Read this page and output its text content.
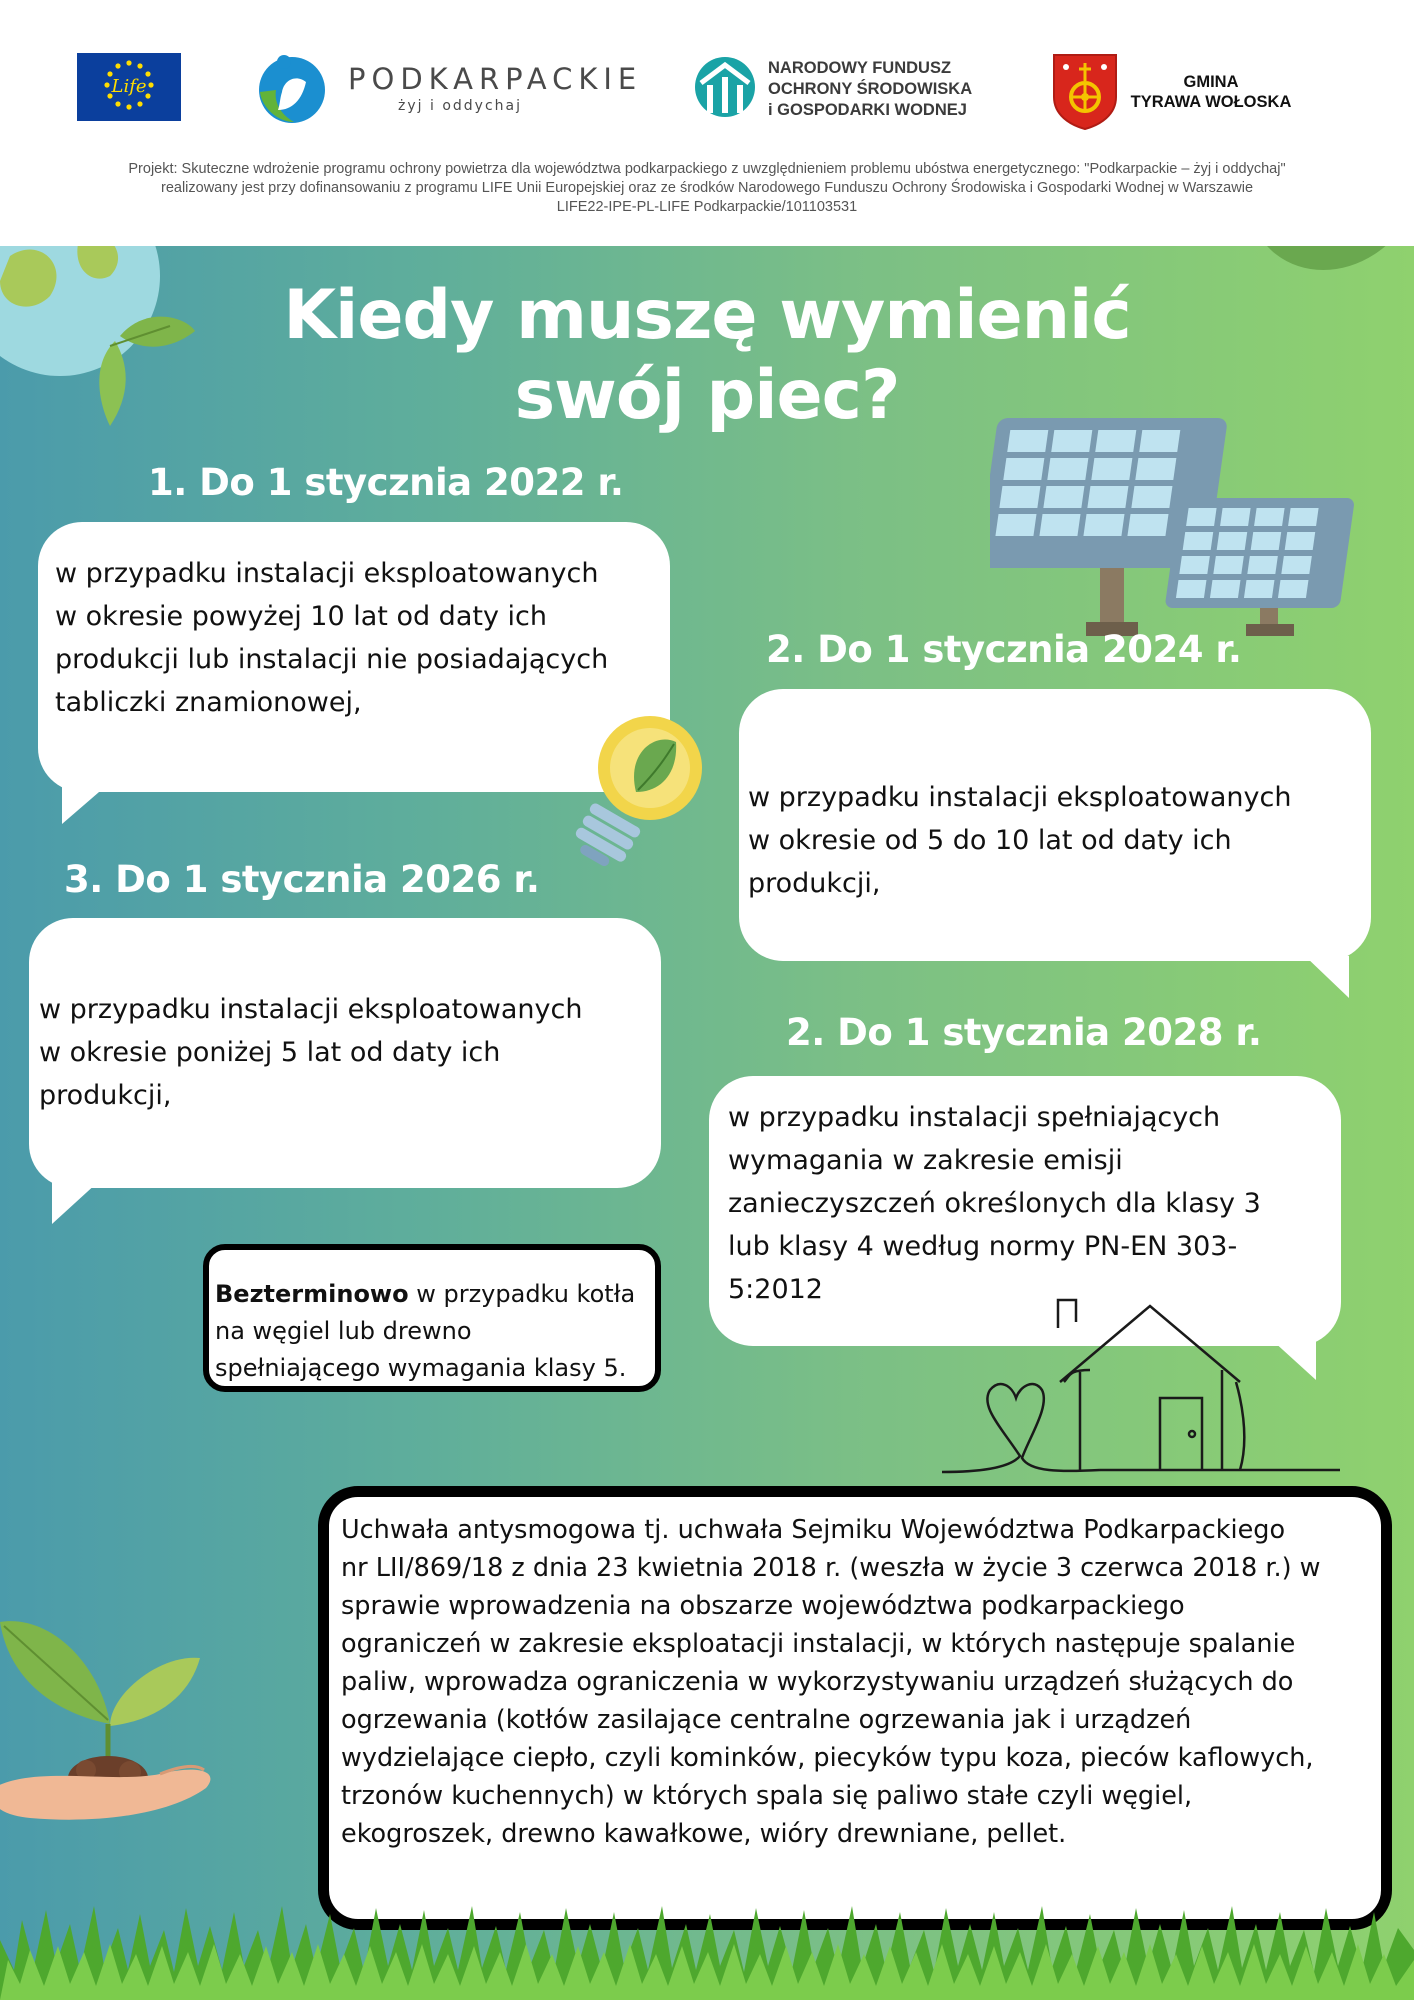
Life	PODKARPACKIE
żyj i oddychaj
NARODOWY FUNDUSZ
OCHRONY ŚRODOWISKA
i GOSPODARKI WODNEJ
GMINA
TYRAWA WOŁOSKA
Projekt: Skuteczne wdrożenie programu ochrony powietrza dla województwa podkarpackiego z uwzględnieniem problemu ubóstwa energetycznego: "Podkarpackie – żyj i oddychaj"
realizowany jest przy dofinansowaniu z programu LIFE Unii Europejskiej oraz ze środków Narodowego Funduszu Ochrony Środowiska i Gospodarki Wodnej w Warszawie
LIFE22-IPE-PL-LIFE Podkarpackie/101103531
Kiedy muszę wymienić
swój piec?
1. Do 1 stycznia 2022 r.
w przypadku instalacji eksploatowanych
w okresie powyżej 10 lat od daty ich
produkcji lub instalacji nie posiadających
tabliczki znamionowej,
2. Do 1 stycznia 2024 r.
w przypadku instalacji eksploatowanych
w okresie od 5 do 10 lat od daty ich
produkcji,
3. Do 1 stycznia 2026 r.
w przypadku instalacji eksploatowanych
w okresie poniżej 5 lat od daty ich
produkcji,
2. Do 1 stycznia 2028 r.
w przypadku instalacji spełniających
wymagania w zakresie emisji
zanieczyszczeń określonych dla klasy 3
lub klasy 4 według normy PN-EN 303-
5:2012
Bezterminowo w przypadku kotła
na węgiel lub drewno
spełniającego wymagania klasy 5.
Uchwała antysmogowa tj. uchwała Sejmiku Województwa Podkarpackiego
nr LII/869/18 z dnia 23 kwietnia 2018 r. (weszła w życie 3 czerwca 2018 r.) w
sprawie wprowadzenia na obszarze województwa podkarpackiego
ograniczeń w zakresie eksploatacji instalacji, w których następuje spalanie
paliw, wprowadza ograniczenia w wykorzystywaniu urządzeń służących do
ogrzewania (kotłów zasilające centralne ogrzewania jak i urządzeń
wydzielające ciepło, czyli kominków, piecyków typu koza, pieców kaflowych,
trzonów kuchennych) w których spala się paliwo stałe czyli węgiel,
ekogroszek, drewno kawałkowe, wióry drewniane, pellet.
